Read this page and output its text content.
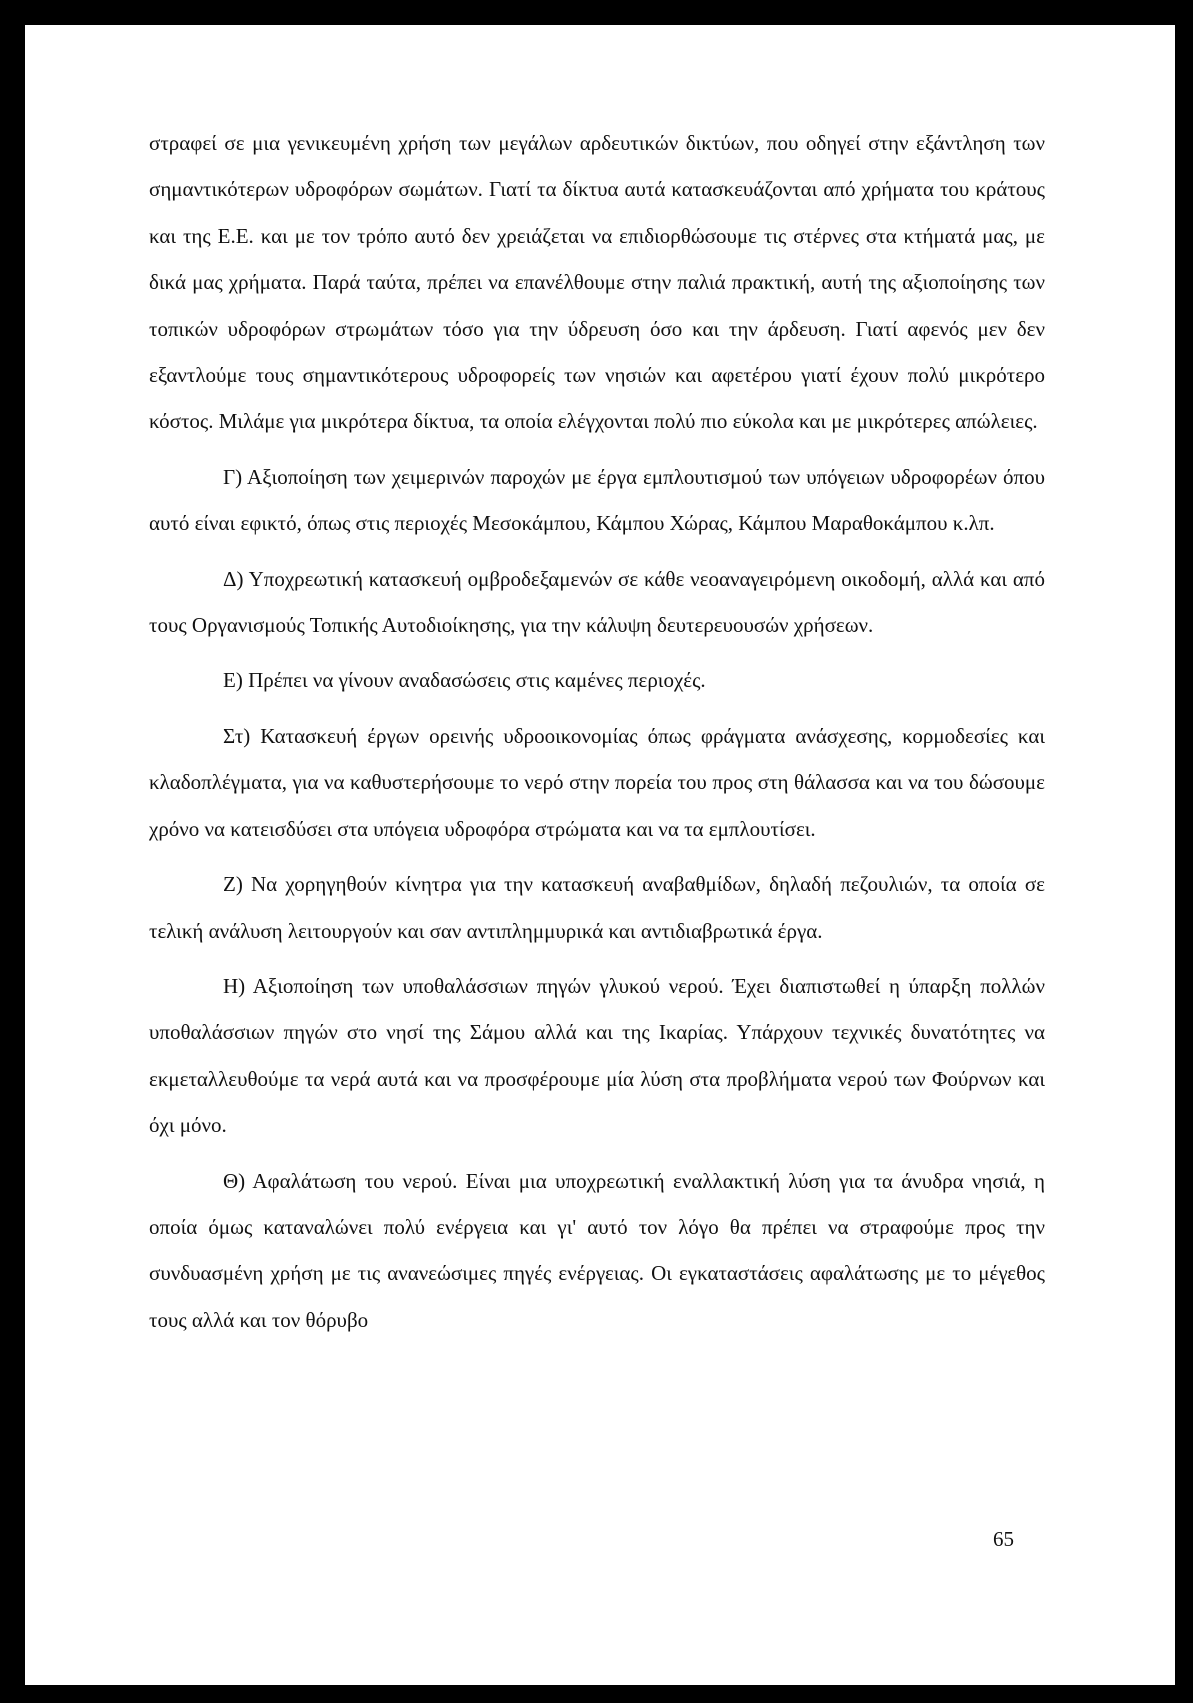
στραφεί σε μια γενικευμένη χρήση των μεγάλων αρδευτικών δικτύων, που οδηγεί στην εξάντληση των σημαντικότερων υδροφόρων σωμάτων. Γιατί τα δίκτυα αυτά κατασκευάζονται από χρήματα του κράτους και της Ε.Ε. και με τον τρόπο αυτό δεν χρειάζεται να επιδιορθώσουμε τις στέρνες στα κτήματά μας, με δικά μας χρήματα. Παρά ταύτα, πρέπει να επανέλθουμε στην παλιά πρακτική, αυτή της αξιοποίησης των τοπικών υδροφόρων στρωμάτων τόσο για την ύδρευση όσο και την άρδευση. Γιατί αφενός μεν δεν εξαντλούμε τους σημαντικότερους υδροφορείς των νησιών και αφετέρου γιατί έχουν πολύ μικρότερο κόστος. Μιλάμε για μικρότερα δίκτυα, τα οποία ελέγχονται πολύ πιο εύκολα και με μικρότερες απώλειες.

Γ) Αξιοποίηση των χειμερινών παροχών με έργα εμπλουτισμού των υπόγειων υδροφορέων όπου αυτό είναι εφικτό, όπως στις περιοχές Μεσοκάμπου, Κάμπου Χώρας, Κάμπου Μαραθοκάμπου κ.λπ.

Δ) Υποχρεωτική κατασκευή ομβροδεξαμενών σε κάθε νεοαναγειρόμενη οικοδομή, αλλά και από τους Οργανισμούς Τοπικής Αυτοδιοίκησης, για την κάλυψη δευτερευουσών χρήσεων.

Ε) Πρέπει να γίνουν αναδασώσεις στις καμένες περιοχές.

Στ) Κατασκευή έργων ορεινής υδροοικονομίας όπως φράγματα ανάσχεσης, κορμοδεσίες και κλαδοπλέγματα, για να καθυστερήσουμε το νερό στην πορεία του προς στη θάλασσα και να του δώσουμε χρόνο να κατεισδύσει στα υπόγεια υδροφόρα στρώματα και να τα εμπλουτίσει.

Ζ) Να χορηγηθούν κίνητρα για την κατασκευή αναβαθμίδων, δηλαδή πεζουλιών, τα οποία σε τελική ανάλυση λειτουργούν και σαν αντιπλημμυρικά και αντιδιαβρωτικά έργα.

Η) Αξιοποίηση των υποθαλάσσιων πηγών γλυκού νερού. Έχει διαπιστωθεί η ύπαρξη πολλών υποθαλάσσιων πηγών στο νησί της Σάμου αλλά και της Ικαρίας. Υπάρχουν τεχνικές δυνατότητες να εκμεταλλευθούμε τα νερά αυτά και να προσφέρουμε μία λύση στα προβλήματα νερού των Φούρνων και όχι μόνο.

Θ) Αφαλάτωση του νερού. Είναι μια υποχρεωτική εναλλακτική λύση για τα άνυδρα νησιά, η οποία όμως καταναλώνει πολύ ενέργεια και γι' αυτό τον λόγο θα πρέπει να στραφούμε προς την συνδυασμένη χρήση με τις ανανεώσιμες πηγές ενέργειας. Οι εγκαταστάσεις αφαλάτωσης με το μέγεθος τους αλλά και τον θόρυβο

65
